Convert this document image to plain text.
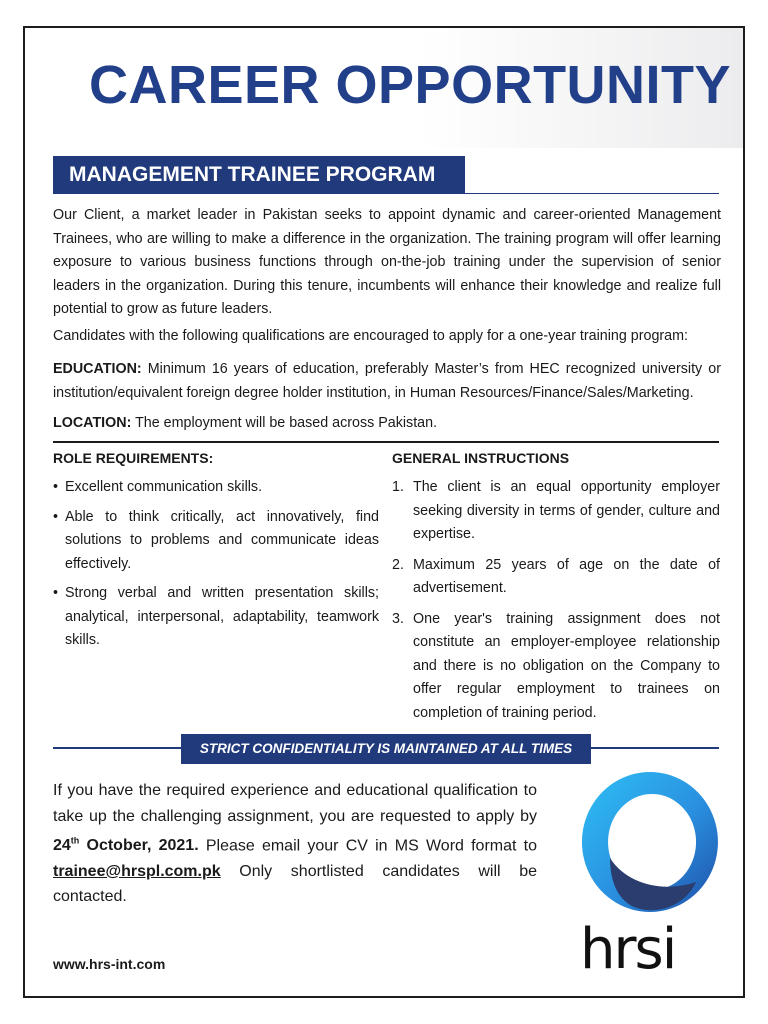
CAREER OPPORTUNITY
MANAGEMENT TRAINEE PROGRAM

Our Client, a market leader in Pakistan seeks to appoint dynamic and career-oriented Management Trainees, who are willing to make a difference in the organization. The training program will offer learning exposure to various business functions through on-the-job training under the supervision of senior leaders in the organization. During this tenure, incumbents will enhance their knowledge and realize full potential to grow as future leaders.

Candidates with the following qualifications are encouraged to apply for a one-year training program:

EDUCATION: Minimum 16 years of education, preferably Master’s from HEC recognized university or institution/equivalent foreign degree holder institution, in Human Resources/Finance/Sales/Marketing.

LOCATION: The employment will be based across Pakistan.

ROLE REQUIREMENTS:	GENERAL INSTRUCTIONS
• Excellent communication skills.
• Able to think critically, act innovatively, find solutions to problems and communicate ideas effectively.
• Strong verbal and written presentation skills; analytical, interpersonal, adaptability, teamwork skills.
1. The client is an equal opportunity employer seeking diversity in terms of gender, culture and expertise.
2. Maximum 25 years of age on the date of advertisement.
3. One year's training assignment does not constitute an employer-employee relationship and there is no obligation on the Company to offer regular employment to trainees on completion of training period.
STRICT CONFIDENTIALITY IS MAINTAINED AT ALL TIMES

If you have the required experience and educational qualification to take up the challenging assignment, you are requested to apply by 24th October, 2021. Please email your CV in MS Word format to trainee@hrspl.com.pk Only shortlisted candidates will be contacted.

www.hrs-int.com	hrsi
